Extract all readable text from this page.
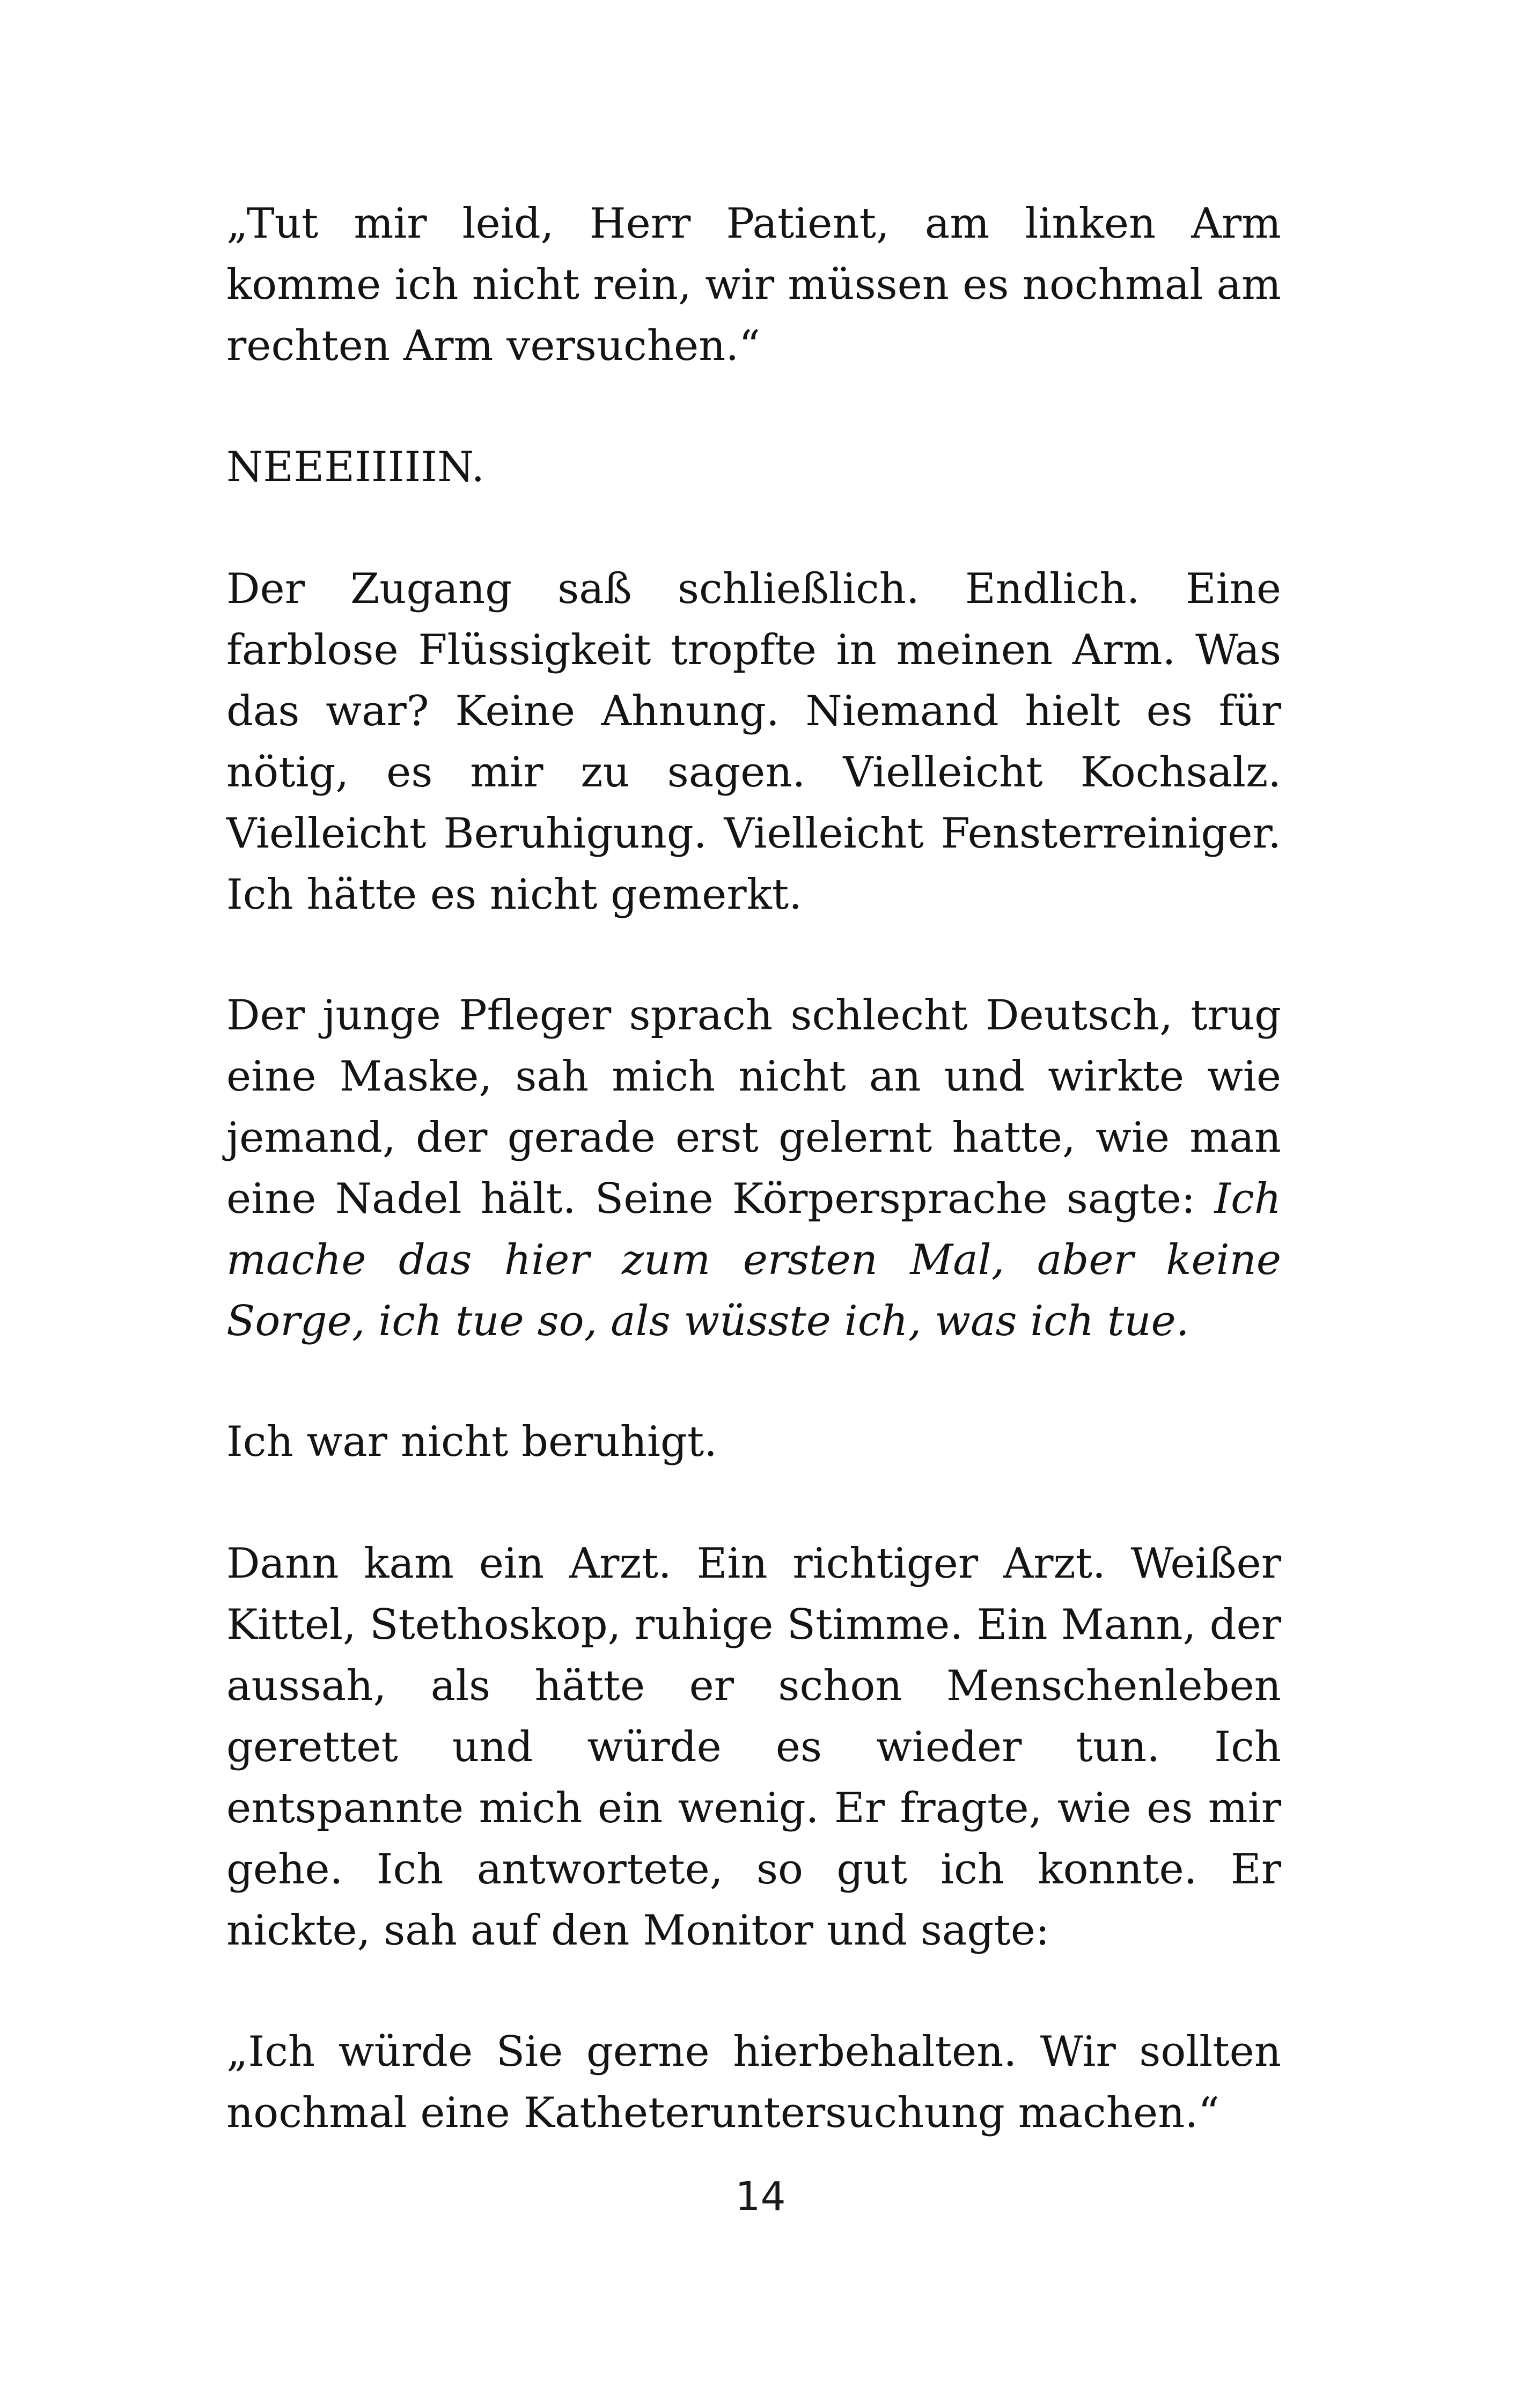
„Tut mir leid, Herr Patient, am linken Arm komme ich nicht rein, wir müssen es nochmal am rechten Arm versuchen.“

NEEEIIIIIN.

Der Zugang saß schließlich. Endlich. Eine farblose Flüssigkeit tropfte in meinen Arm. Was das war? Keine Ahnung. Niemand hielt es für nötig, es mir zu sagen. Vielleicht Kochsalz. Vielleicht Beruhigung. Vielleicht Fensterreiniger. Ich hätte es nicht gemerkt.

Der junge Pfleger sprach schlecht Deutsch, trug eine Maske, sah mich nicht an und wirkte wie jemand, der gerade erst gelernt hatte, wie man eine Nadel hält. Seine Körpersprache sagte: Ich mache das hier zum ersten Mal, aber keine Sorge, ich tue so, als wüsste ich, was ich tue.

Ich war nicht beruhigt.

Dann kam ein Arzt. Ein richtiger Arzt. Weißer Kittel, Stethoskop, ruhige Stimme. Ein Mann, der aussah, als hätte er schon Menschenleben gerettet und würde es wieder tun. Ich entspannte mich ein wenig. Er fragte, wie es mir gehe. Ich antwortete, so gut ich konnte. Er nickte, sah auf den Monitor und sagte:

„Ich würde Sie gerne hierbehalten. Wir sollten nochmal eine Katheteruntersuchung machen.“

14
